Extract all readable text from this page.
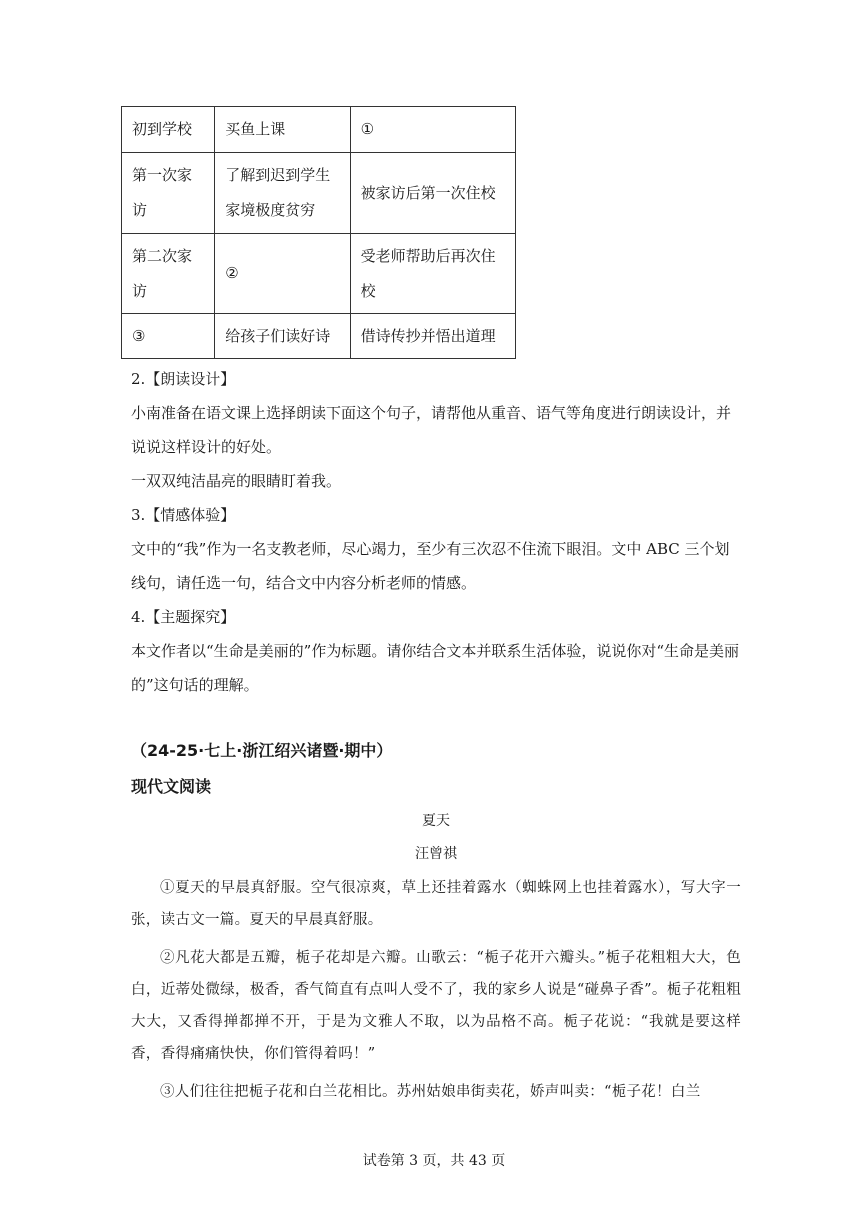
初到学校	买鱼上课	①
第一次家访	了解到迟到学生家境极度贫穷	被家访后第一次住校
第二次家访	②	受老师帮助后再次住校
③	给孩子们读好诗	借诗传抄并悟出道理

2.【朗读设计】

小南准备在语文课上选择朗读下面这个句子，请帮他从重音、语气等角度进行朗读设计，并说说这样设计的好处。

一双双纯洁晶亮的眼睛盯着我。

3.【情感体验】

文中的“我”作为一名支教老师，尽心竭力，至少有三次忍不住流下眼泪。文中 ABC 三个划线句，请任选一句，结合文中内容分析老师的情感。

4.【主题探究】

本文作者以“生命是美丽的”作为标题。请你结合文本并联系生活体验，说说你对“生命是美丽的”这句话的理解。

（24-25·七上·浙江绍兴诸暨·期中）
现代文阅读
夏天
汪曾祺

①夏天的早晨真舒服。空气很凉爽，草上还挂着露水（蜘蛛网上也挂着露水），写大字一张，读古文一篇。夏天的早晨真舒服。

②凡花大都是五瓣，栀子花却是六瓣。山歌云：“栀子花开六瓣头。”栀子花粗粗大大，色白，近蒂处微绿，极香，香气简直有点叫人受不了，我的家乡人说是“碰鼻子香”。栀子花粗粗大大，又香得掸都掸不开，于是为文雅人不取，以为品格不高。栀子花说：“我就是要这样香，香得痛痛快快，你们管得着吗！”

③人们往往把栀子花和白兰花相比。苏州姑娘串街卖花，娇声叫卖：“栀子花！白兰

试卷第 3 页，共 43 页
